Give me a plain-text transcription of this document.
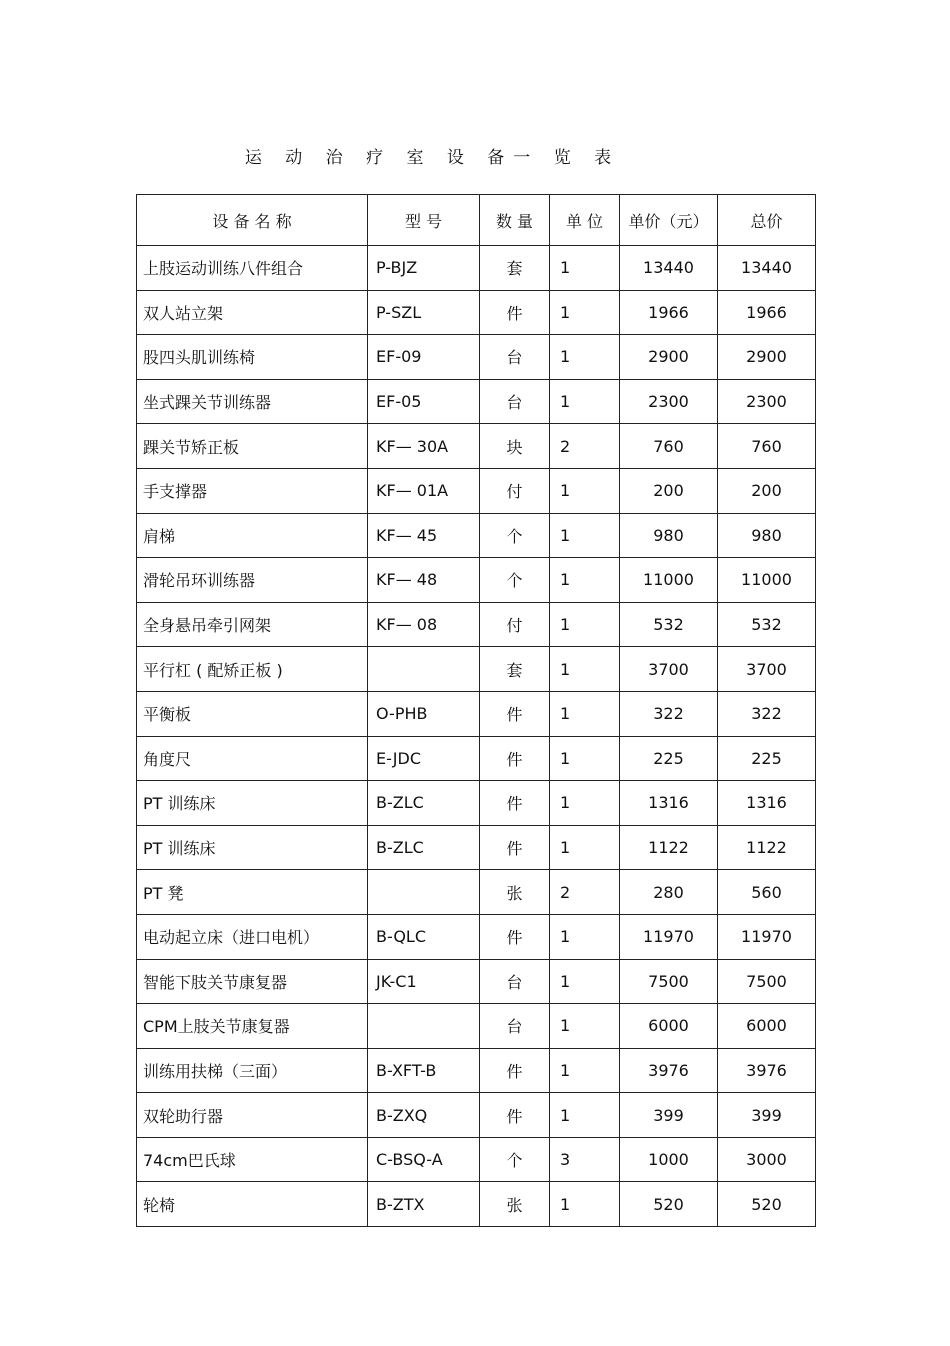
运 动 治 疗 室 设 备一 览 表
设 备 名 称	型 号	数 量	单 位	单价（元）	总价
上肢运动训练八件组合	P-BJZ	套	1	13440	13440
双人站立架	P-SZL	件	1	1966	1966
股四头肌训练椅	EF-09	台	1	2900	2900
坐式踝关节训练器	EF-05	台	1	2300	2300
踝关节矫正板	KF— 30A	块	2	760	760
手支撑器	KF— 01A	付	1	200	200
肩梯	KF— 45	个	1	980	980
滑轮吊环训练器	KF— 48	个	1	11000	11000
全身悬吊牵引网架	KF— 08	付	1	532	532
平行杠 ( 配矫正板 )		套	1	3700	3700
平衡板	O-PHB	件	1	322	322
角度尺	E-JDC	件	1	225	225
PT 训练床	B-ZLC	件	1	1316	1316
PT 训练床	B-ZLC	件	1	1122	1122
PT 凳		张	2	280	560
电动起立床（进口电机）	B-QLC	件	1	11970	11970
智能下肢关节康复器	JK-C1	台	1	7500	7500
CPM上肢关节康复器		台	1	6000	6000
训练用扶梯（三面）	B-XFT-B	件	1	3976	3976
双轮助行器	B-ZXQ	件	1	399	399
74cm巴氏球	C-BSQ-A	个	3	1000	3000
轮椅	B-ZTX	张	1	520	520
